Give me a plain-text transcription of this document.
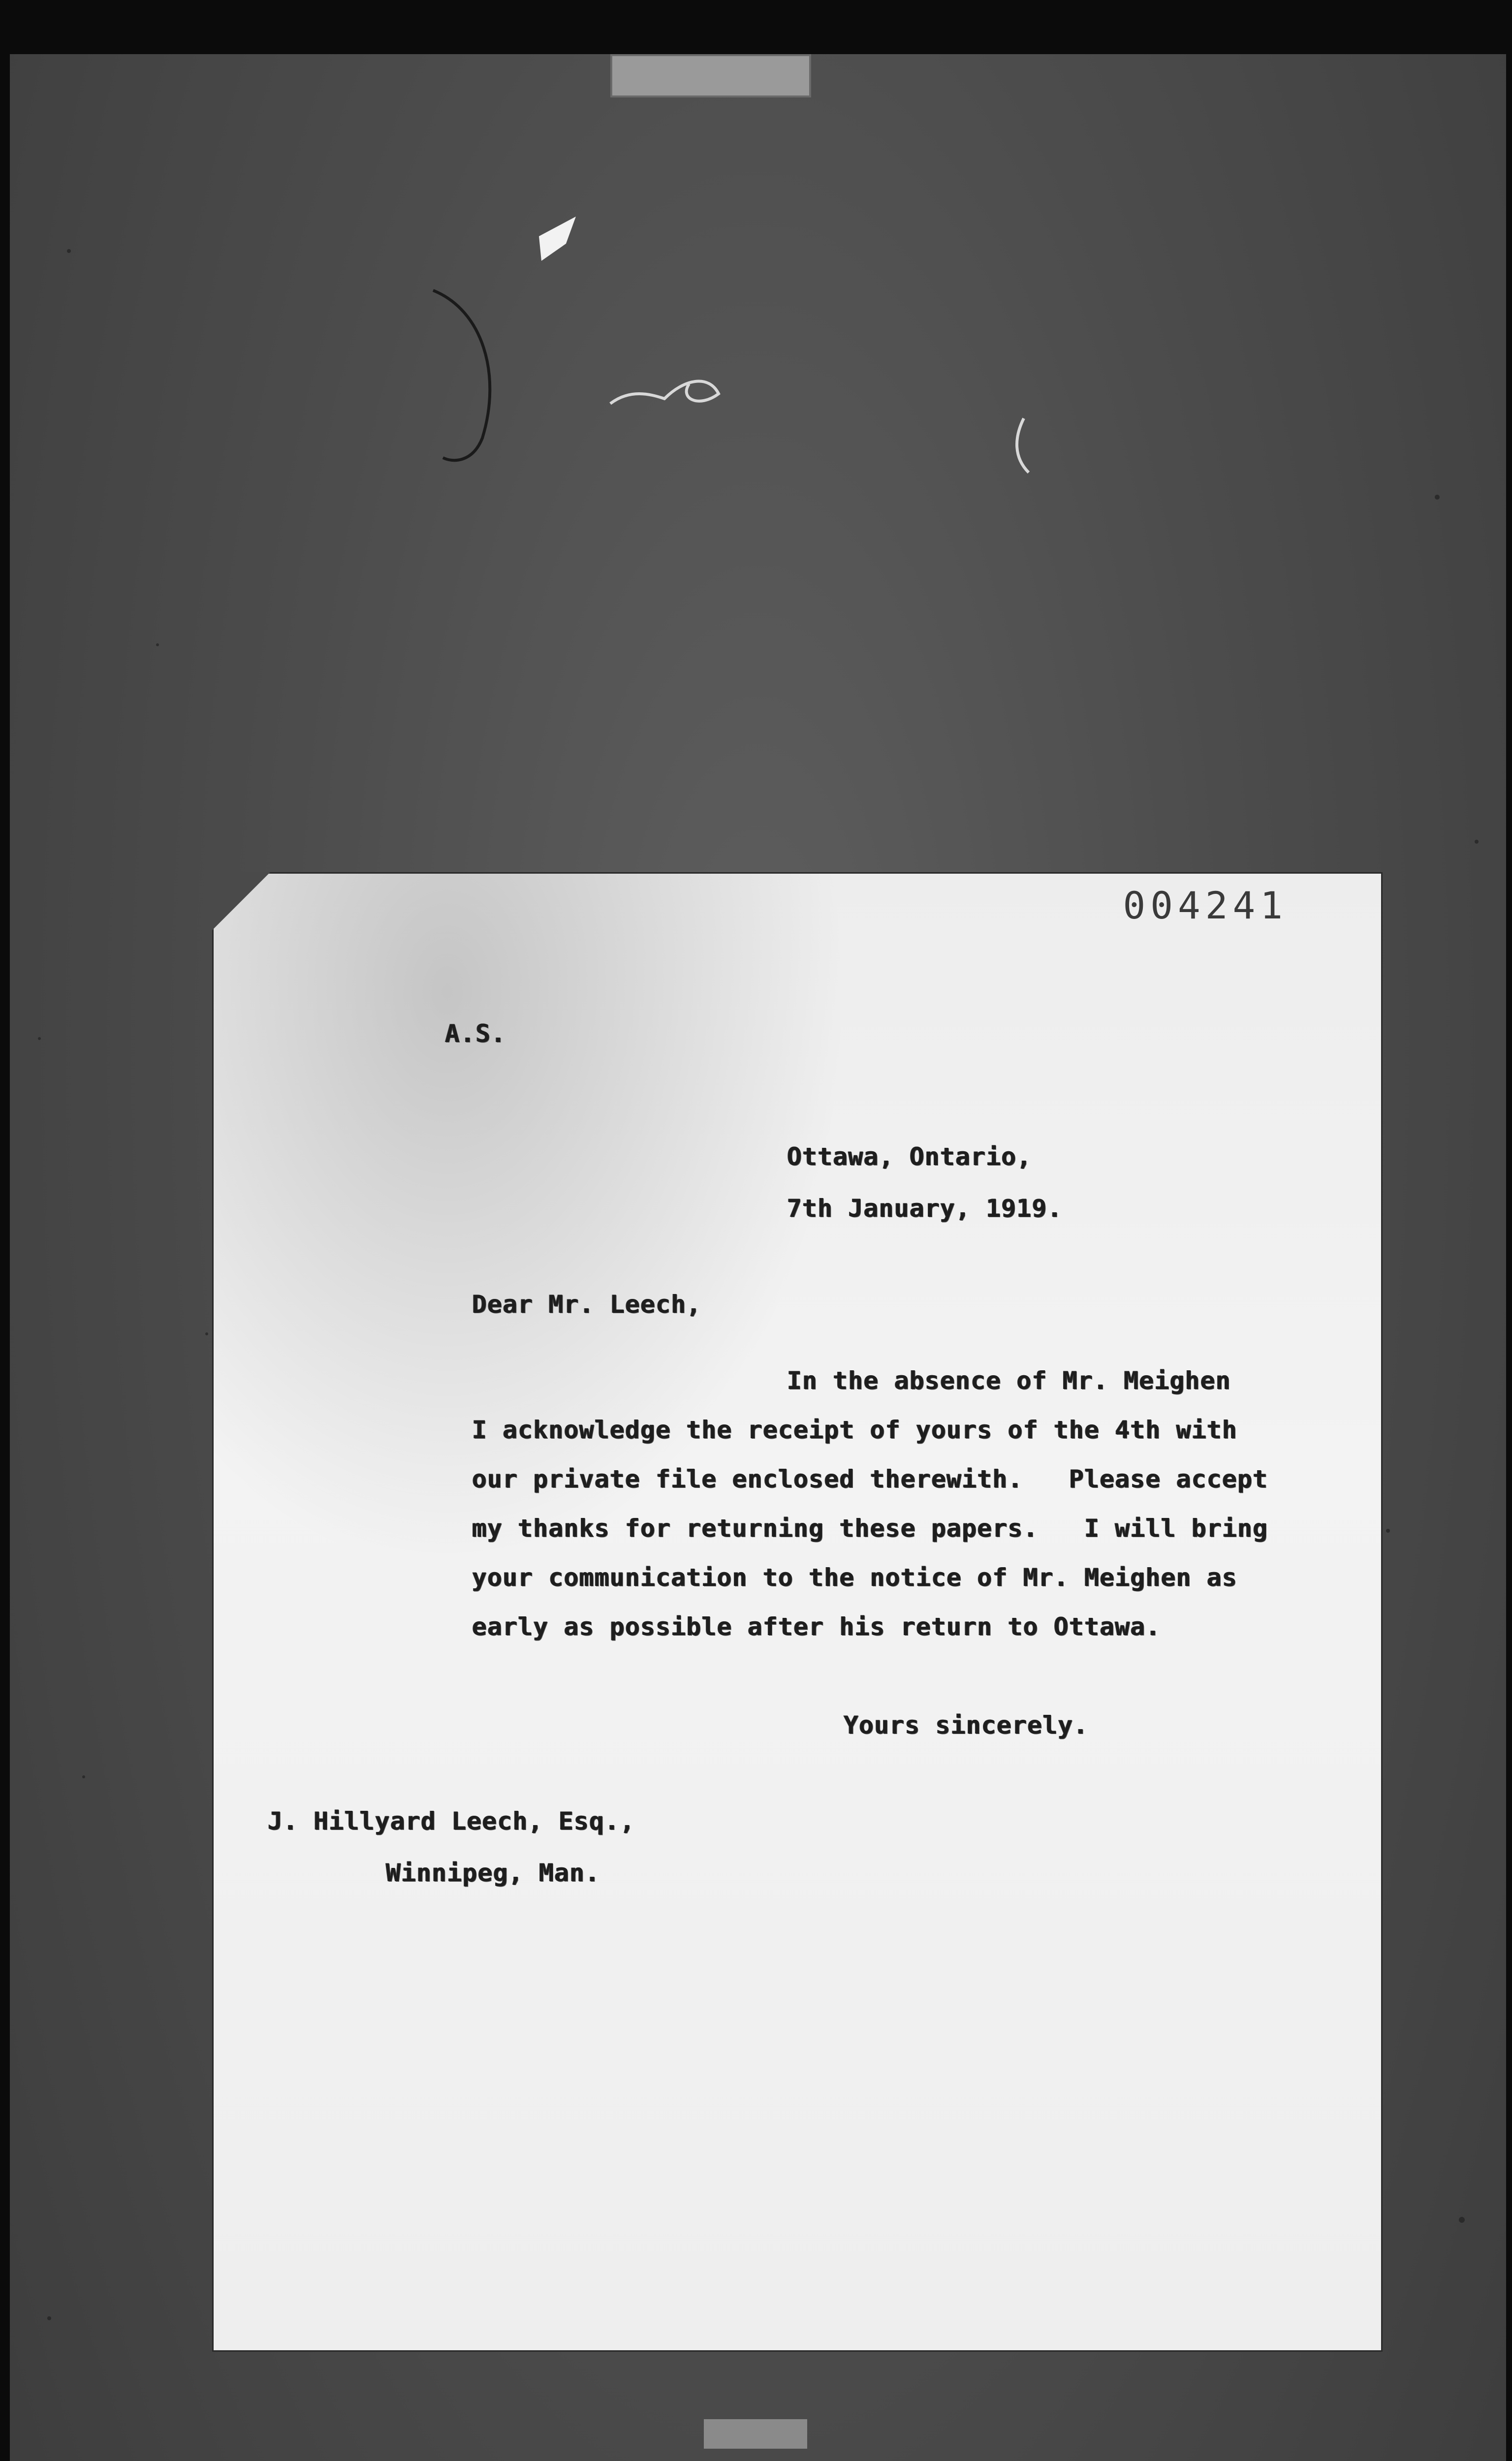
004241
A.S.
Ottawa, Ontario,
7th January, 1919.
Dear Mr. Leech,
In the absence of Mr. Meighen
I acknowledge the receipt of yours of the 4th with
our private file enclosed therewith.   Please accept
my thanks for returning these papers.   I will bring
your communication to the notice of Mr. Meighen as
early as possible after his return to Ottawa.
Yours sincerely.
J. Hillyard Leech, Esq.,
Winnipeg, Man.
